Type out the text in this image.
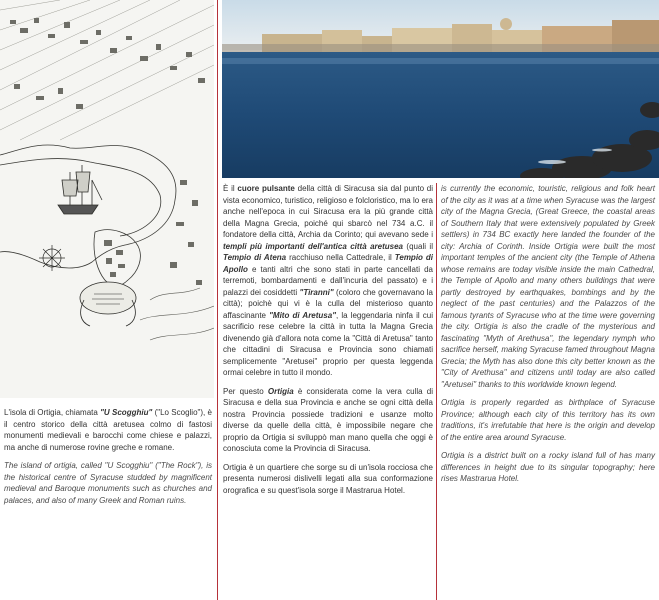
L'isola di Ortigia, chiamata "U Scogghiu" ("Lo Scoglio"), è il centro storico della città aretusea colmo di fastosi monumenti medievali e barocchi come chiese e palazzi, ma anche di numerose rovine greche e romane.

The island of ortigia, called "U Scogghiu" ("The Rock"), is the historical centre of Syracuse studded by magnificent medieval and Baroque monuments such as churches and palaces, and also of many Greek and Roman ruins.

È il cuore pulsante della città di Siracusa sia dal punto di vista economico, turistico, religioso e folcloristico, ma lo era anche nell'epoca in cui Siracusa era la più grande città della Magna Grecia, poiché qui sbarcò nel 734 a.C. il fondatore della città, Archia da Corinto; qui avevano sede i templi più importanti dell'antica città aretusea (quali il Tempio di Atena racchiuso nella Cattedrale, il Tempio di Apollo e tanti altri che sono stati in parte cancellati da terremoti, bombardamenti e dall'incuria del passato) e i palazzi dei cosiddetti "Tiranni" (coloro che governavano la città); poichè qui vi è la culla del misterioso quanto affascinante "Mito di Aretusa", la leggendaria ninfa il cui sacrificio rese celebre la città in tutta la Magna Grecia divenendo già d'allora nota come la "Città di Aretusa" tanto che cittadini di Siracusa e Provincia sono chiamati semplicemente "Aretusei" proprio per questa leggenda ormai celebre in tutto il mondo.

Per questo Ortigia è considerata come la vera culla di Siracusa e della sua Provincia e anche se ogni città della nostra Provincia possiede tradizioni e usanze molto diverse da quelle della città, è impossibile negare che proprio da Ortigia si sviluppò man mano quella che oggi è conosciuta come la Provincia di Siracusa.

Ortigia è un quartiere che sorge su di un'isola rocciosa che presenta numerosi dislivelli legati alla sua conformazione orografica e su quest'isola sorge il Mastrarua Hotel.

is currently the economic, touristic, religious and folk heart of the city as it was at a time when Syracuse was the largest city of the Magna Grecia, (Great Greece, the coastal areas of Southern Italy that were extensively populated by Greek settlers) in 734 BC exactly here landed the founder of the city: Archia of Corinth. Inside Ortigia were built the most important temples of the ancient city (the Temple of Athena whose remains are today visible inside the main Cathedral, the Temple of Apollo and many others buildings that were partly destroyed by earthquakes, bombings and by the neglect of the past centuries) and the Palazzos of the famous tyrants of Syracuse who at the time were governing the city. Ortigia is also the cradle of the mysterious and fascinating "Myth of Arethusa", the legendary nymph who sacrifice herself, making Syracuse famed throughout Magna Grecia; the Myth has also done this city better known as the "City of Arethusa" and citizens until today are also called "Aretusei" thanks to this worldwide known legend.

Ortigia is properly regarded as birthplace of Syracuse Province; although each city of this territory has its own traditions, it's irrefutable that here is the origin and develop of the entire area around Syracuse.

Ortigia is a district built on a rocky island full of has many differences in height due to its singular topography; here rises Mastrarua Hotel.
